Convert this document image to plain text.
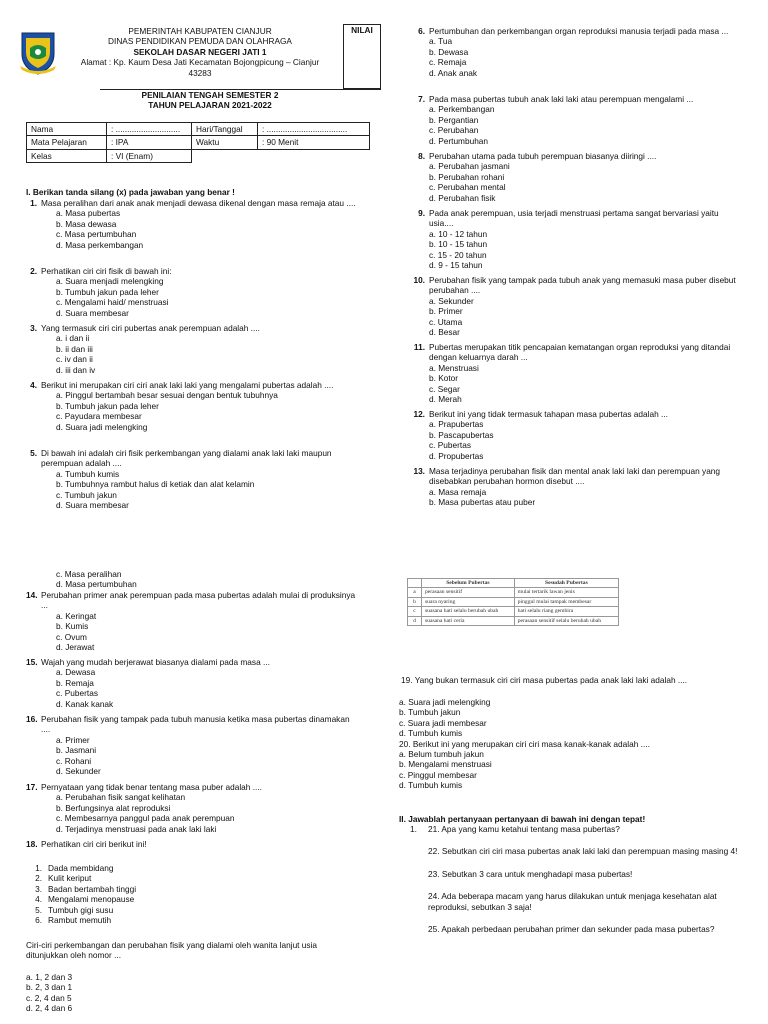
PEMERINTAH KABUPATEN CIANJUR
DINAS PENDIDIKAN PEMUDA DAN OLAHRAGA
SEKOLAH DASAR NEGERI JATI 1
Alamat : Kp. Kaum Desa Jati Kecamatan Bojongpicung – Cianjur
43283
NILAI
PENILAIAN TENGAH SEMESTER 2
TAHUN PELAJARAN 2021-2022
Nama	: ............................	Hari/Tanggal	: ...................................
Mata Pelajaran	: IPA	Waktu	: 90 Menit
Kelas	: VI (Enam)		
I. Berikan tanda silang (x) pada jawaban yang benar !
1. Masa peralihan dari anak anak menjadi dewasa dikenal dengan masa remaja atau ....
a. Masa pubertas
b. Masa dewasa
c. Masa pertumbuhan
d. Masa perkembangan
2. Perhatikan ciri ciri fisik di bawah ini:
a. Suara menjadi melengking
b. Tumbuh jakun pada leher
c. Mengalami haid/ menstruasi
d. Suara membesar
3. Yang termasuk ciri ciri pubertas anak perempuan adalah ....
a. i dan ii
b. ii dan iii
c. iv dan ii
d. iii dan iv
4. Berikut ini merupakan ciri ciri anak laki laki yang mengalami pubertas adalah ....
a. Pinggul bertambah besar sesuai dengan bentuk tubuhnya
b. Tumbuh jakun pada leher
c. Payudara membesar
d. Suara jadi melengking
5. Di bawah ini adalah ciri fisik perkembangan yang dialami anak laki laki maupun perempuan adalah ....
a. Tumbuh kumis
b. Tumbuhnya rambut halus di ketiak dan alat kelamin
c. Tumbuh jakun
d. Suara membesar
6. Pertumbuhan dan perkembangan organ reproduksi manusia terjadi pada masa ...
a. Tua
b. Dewasa
c. Remaja
d. Anak anak
7. Pada masa pubertas tubuh anak laki laki atau perempuan mengalami ...
a. Perkembangan
b. Pergantian
c. Perubahan
d. Pertumbuhan
8. Perubahan utama pada tubuh perempuan biasanya diiringi ....
a. Perubahan jasmani
b. Perubahan rohani
c. Perubahan mental
d. Perubahan fisik
9. Pada anak perempuan, usia terjadi menstruasi pertama sangat bervariasi yaitu usia....
a. 10 - 12 tahun
b. 10 - 15 tahun
c. 15 - 20 tahun
d. 9 - 15 tahun
10. Perubahan fisik yang tampak pada tubuh anak yang memasuki masa puber disebut perubahan ....
a. Sekunder
b. Primer
c. Utama
d. Besar
11. Pubertas merupakan titik pencapaian kematangan organ reproduksi yang ditandai dengan keluarnya darah ...
a. Menstruasi
b. Kotor
c. Segar
d. Merah
12. Berikut ini yang tidak termasuk tahapan masa pubertas adalah ...
a. Prapubertas
b. Pascapubertas
c. Pubertas
d. Propubertas
13. Masa terjadinya perubahan fisik dan mental anak laki laki dan perempuan yang disebabkan perubahan hormon disebut ....
a. Masa remaja
b. Masa pubertas atau puber
c. Masa peralihan
d. Masa pertumbuhan
14. Perubahan primer anak perempuan pada masa pubertas adalah mulai di produksinya ...
a. Keringat
b. Kumis
c. Ovum
d. Jerawat
15. Wajah yang mudah berjerawat biasanya dialami pada masa ...
a. Dewasa
b. Remaja
c. Pubertas
d. Kanak kanak
16. Perubahan fisik yang tampak pada tubuh manusia ketika masa pubertas dinamakan ....
a. Primer
b. Jasmani
c. Rohani
d. Sekunder
17. Pernyataan yang tidak benar tentang masa puber adalah ....
a. Perubahan fisik sangat kelihatan
b. Berfungsinya alat reproduksi
c. Membesarnya panggul pada anak perempuan
d. Terjadinya menstruasi pada anak laki laki
18. Perhatikan ciri ciri berikut ini!
1. Dada membidang
2. Kulit keriput
3. Badan bertambah tinggi
4. Mengalami menopause
5. Tumbuh gigi susu
6. Rambut memutih
Ciri-ciri perkembangan dan perubahan fisik yang dialami oleh wanita lanjut usia ditunjukkan oleh nomor ...
a. 1, 2 dan 3
b. 2, 3 dan 1
c. 2, 4 dan 5
d. 2, 4 dan 6
	Sebelum Pubertas	Sesudah Pubertas
a	perasaan sensitif	mulai tertarik lawan jenis
b	suara nyaring	pinggul mulai tampak membesar
c	suasana hati selalu berubah ubah	hati selalu riang gembira
d	suasana hati ceria	perasaan sensitif selalu berubah ubah
19. Yang bukan termasuk ciri ciri masa pubertas pada anak laki laki adalah ....
a. Suara jadi melengking
b. Tumbuh jakun
c. Suara jadi membesar
d. Tumbuh kumis
20. Berikut ini yang merupakan ciri ciri masa kanak-kanak adalah ....
a. Belum tumbuh jakun
b. Mengalami menstruasi
c. Pinggul membesar
d. Tumbuh kumis
II. Jawablah pertanyaan pertanyaan di bawah ini dengan tepat!
1.	21. Apa yang kamu ketahui tentang masa pubertas?
22. Sebutkan ciri ciri masa pubertas anak laki laki dan perempuan masing masing 4!
23. Sebutkan 3 cara untuk menghadapi masa pubertas!
24. Ada beberapa macam yang harus dilakukan untuk menjaga kesehatan alat reproduksi, sebutkan 3 saja!
25. Apakah perbedaan perubahan primer dan sekunder pada masa pubertas?
